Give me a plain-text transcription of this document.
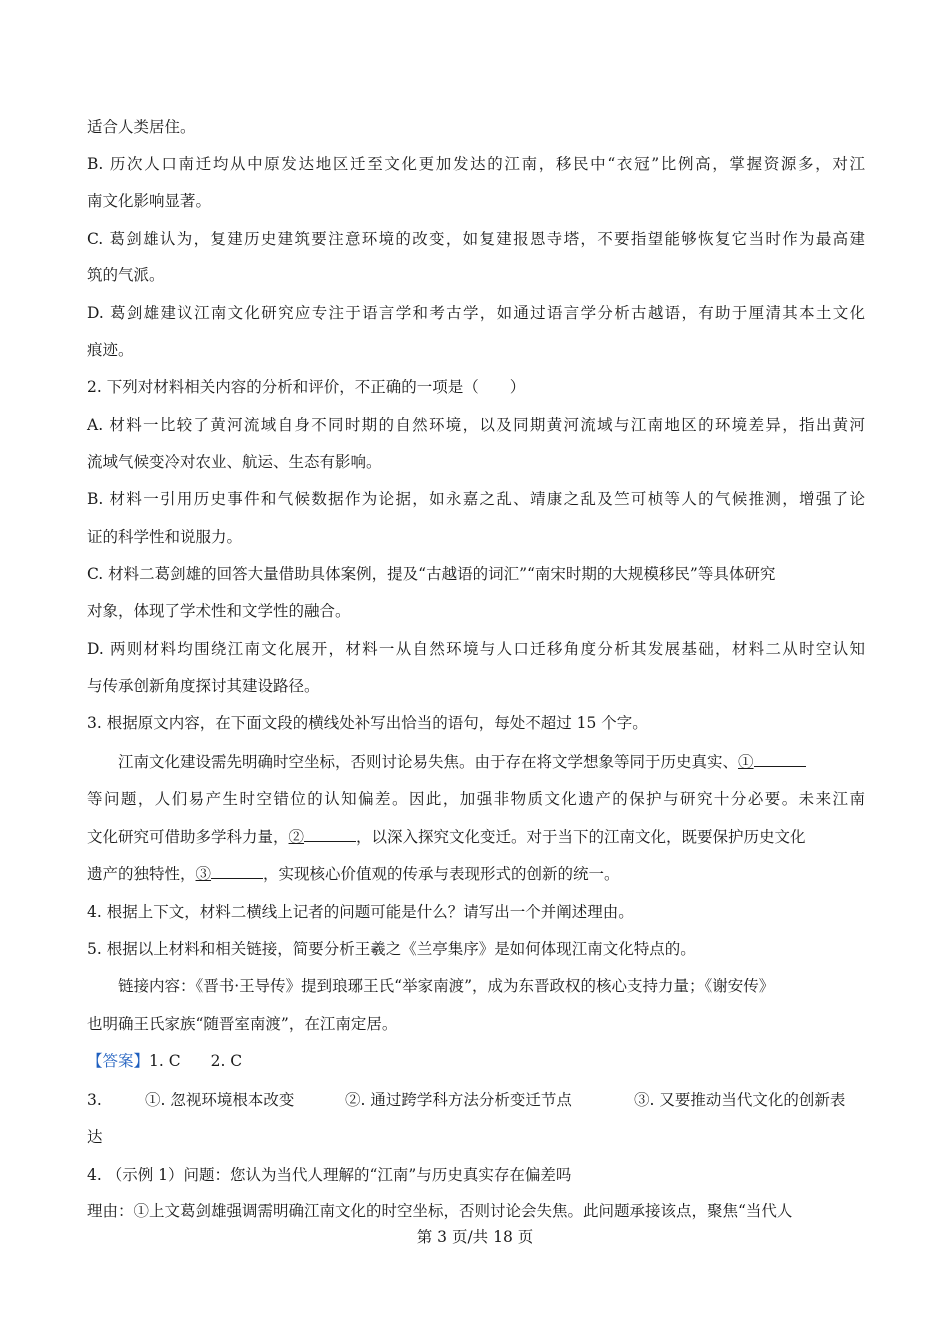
适合人类居住。
B. 历次人口南迁均从中原发达地区迁至文化更加发达的江南，移民中“衣冠”比例高，掌握资源多，对江
南文化影响显著。
C. 葛剑雄认为，复建历史建筑要注意环境的改变，如复建报恩寺塔，不要指望能够恢复它当时作为最高建
筑的气派。
D. 葛剑雄建议江南文化研究应专注于语言学和考古学，如通过语言学分析古越语，有助于厘清其本土文化
痕迹。
2. 下列对材料相关内容的分析和评价，不正确的一项是（　　）
A. 材料一比较了黄河流域自身不同时期的自然环境，以及同期黄河流域与江南地区的环境差异，指出黄河
流域气候变冷对农业、航运、生态有影响。
B. 材料一引用历史事件和气候数据作为论据，如永嘉之乱、靖康之乱及竺可桢等人的气候推测，增强了论
证的科学性和说服力。
C. 材料二葛剑雄的回答大量借助具体案例，提及“古越语的词汇”“南宋时期的大规模移民”等具体研究
对象，体现了学术性和文学性的融合。
D. 两则材料均围绕江南文化展开，材料一从自然环境与人口迁移角度分析其发展基础，材料二从时空认知
与传承创新角度探讨其建设路径。
3. 根据原文内容，在下面文段的横线处补写出恰当的语句，每处不超过 15 个字。
江南文化建设需先明确时空坐标，否则讨论易失焦。由于存在将文学想象等同于历史真实、①
等问题，人们易产生时空错位的认知偏差。因此，加强非物质文化遗产的保护与研究十分必要。未来江南
文化研究可借助多学科力量，②	，以深入探究文化变迁。对于当下的江南文化，既要保护历史文化
遗产的独特性，③	，实现核心价值观的传承与表现形式的创新的统一。
4. 根据上下文，材料二横线上记者的问题可能是什么？请写出一个并阐述理由。
5. 根据以上材料和相关链接，简要分析王羲之《兰亭集序》是如何体现江南文化特点的。
链接内容：《晋书·王导传》提到琅琊王氏“举家南渡”，成为东晋政权的核心支持力量；《谢安传》
也明确王氏家族“随晋室南渡”，在江南定居。
【答案】1. C 2. C
3.	①. 忽视环境根本改变	②. 通过跨学科方法分析变迁节点	③. 又要推动当代文化的创新表
达
4. （示例 1）问题：您认为当代人理解的“江南”与历史真实存在偏差吗
理由：①上文葛剑雄强调需明确江南文化的时空坐标，否则讨论会失焦。此问题承接该点，聚焦“当代人
第 3 页/共 18 页
